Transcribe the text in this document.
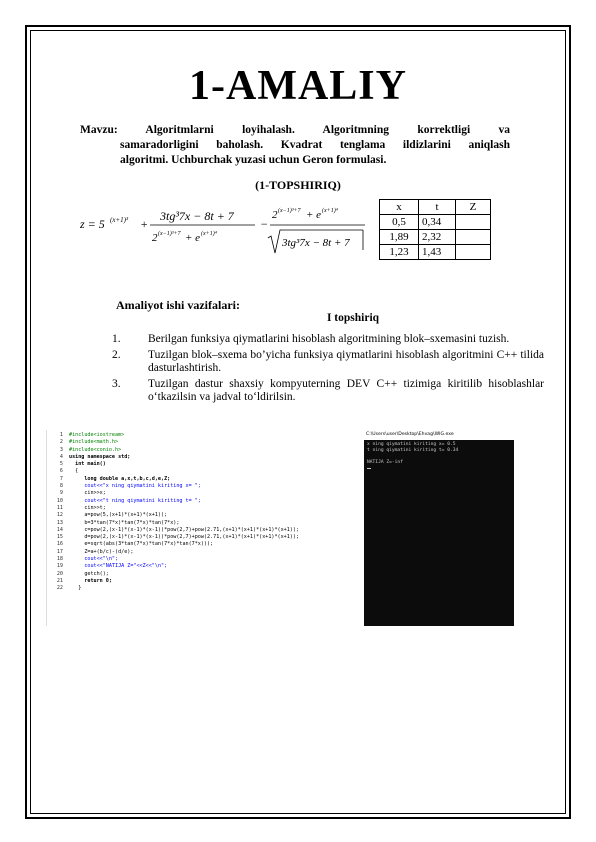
1-AMALIY
Mavzu: Algoritmlarni loyihalash. Algoritmning korrektligi va
samaradorligini baholash. Kvadrat tenglama ildizlarini aniqlash
algoritmi. Uchburchak yuzasi uchun Geron formulasi.
(1-TOPSHIRIQ)
z = 5 (x+1)³ +
3tg³7x − 8t + 7
2 (x−1)³+7 + e (x+1)⁴
−
2 (x−1)³+7 + e (x+1)⁴
3tg³7x − 8t + 7
x	t	Z
0,5	0,34	
1,89	2,32	
1,23	1,43	
Amaliyot ishi vazifalari:
I topshiriq
1. Berilgan funksiya qiymatlarini hisoblash algoritmining blok–sxemasini tuzish.
2. Tuzilgan blok–sxema bo’yicha funksiya qiymatlarini hisoblash algoritmini C++ tilida dasturlashtirish.
3. Tuzilgan dastur shaxsiy kompyuterning DEV C++ tizimiga kiritilib hisoblashlar o‘tkazilsin va jadval to‘ldirilsin.
1
2
3
4
5
6
7
8
9
10
11
12
13
14
15
16
17
18
19
20
21
22
#include<iostream>
#include<math.h>
#include<conio.h>
using namespace std;
int main()
{
long double a,x,t,b,c,d,e,Z;
cout<<"x ning qiymatini kiriting x= ";
cin>>x;
cout<<"t ning qiymatini kiriting t= ";
cin>>t;
a=pow(5,(x+1)*(x+1)*(x+1));
b=3*tan(7*x)*tan(7*x)*tan(7*x);
c=pow(2,(x-1)*(x-1)*(x-1))*pow(2,7)+pow(2.71,(x+1)*(x+1)*(x+1)*(x+1));
d=pow(2,(x-1)*(x-1)*(x-1))*pow(2,7)+pow(2.71,(x+1)*(x+1)*(x+1)*(x+1));
e=sqrt(abs(3*tan(7*x)*tan(7*x)*tan(7*x)));
Z=a+(b/c)-(d/e);
cout<<"\n";
cout<<"NATIJA Z="<<Z<<"\n";
getch();
return 0;
}
C:\Users\user\Desktop\Ehvag\WIG.exe
x ning qiymatini kiriting x= 0.5
t ning qiymatini kiriting t= 0.34

NATIJA Z=-inf
